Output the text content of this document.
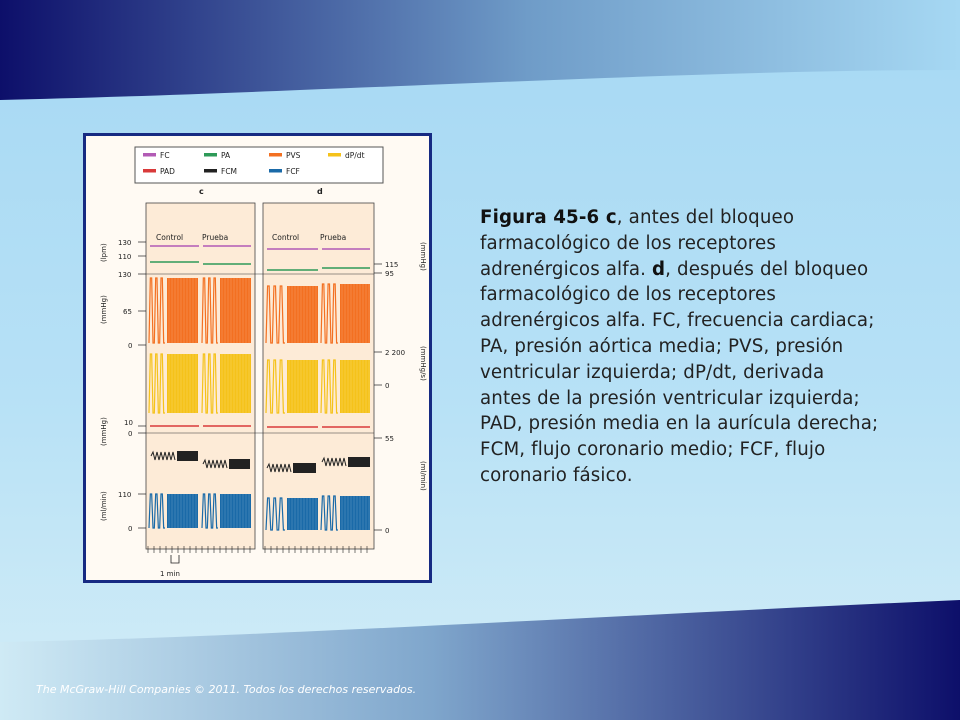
FC	PA	PVS	dP/dt
PAD	FCM	FCF
c	d
Control	Prueba	Control	Prueba
130
110
130
65
0
10
0
110
0
(lpm)
(mmHg)
(mmHg)
(ml/min)
115
95
2 200
0
55
0
(mmHg)
(mmHg/s)
(ml/min)
1 min
Figura 45-6 c, antes del bloqueo farmacológico de los receptores adrenérgicos alfa. d, después del bloqueo farmacológico de los receptores adrenérgicos alfa. FC, frecuencia cardiaca; PA, presión aórtica media; PVS, presión ventricular izquierda; dP/dt, derivada antes de la presión ventricular izquierda; PAD, presión media en la aurícula derecha; FCM, flujo coronario medio; FCF, flujo coronario fásico.
The McGraw-Hill Companies © 2011. Todos los derechos reservados.
